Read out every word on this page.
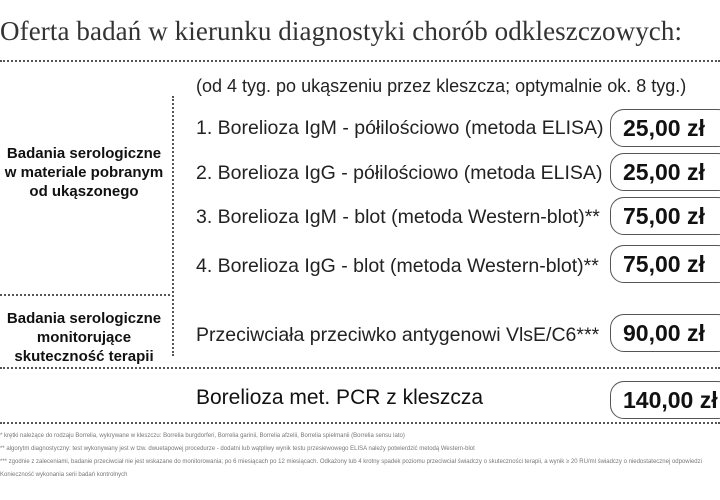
Oferta badań w kierunku diagnostyki chorób odkleszczowych:
(od 4 tyg. po ukąszeniu przez kleszcza; optymalnie ok. 8 tyg.)
Badania serologiczne
w materiale pobranym
od ukąszonego
Badania serologiczne
monitorujące
skuteczność terapii
1. Borelioza IgM - półilościowo (metoda ELISA) 25,00 zł
2. Borelioza IgG - półilościowo (metoda ELISA) 25,00 zł
3. Borelioza IgM - blot (metoda Western-blot)**	75,00 zł
4. Borelioza IgG - blot (metoda Western-blot)**	75,00 zł
Przeciwciała przeciwko antygenowi VlsE/C6***	90,00 zł
Borelioza met. PCR z kleszcza	140,00 zł
* krętki należące do rodzaju Borrelia, wykrywane w kleszczu: Borrelia burgdorferi, Borrelia garinii, Borrelia afzelii, Borrelia spielmanii (Borrelia sensu lato)
** algorytm diagnostyczny: test wykonywany jest w tzw. dwuetapowej procedurze - dodatni lub wątpliwy wynik testu przesiewowego ELISA należy potwierdzić metodą Western-blot
*** zgodnie z zaleceniami, badanie przeciwciał nie jest wskazane do monitorowania; po 6 miesiącach po 12 miesiącach. Odkażony lub 4 krotny spadek poziomu przeciwciał świadczy o skuteczności terapii, a wynik ≥ 20 RU/ml świadczy o niedostatecznej odpowiedzi
Konieczność wykonania serii badań kontrolnych
